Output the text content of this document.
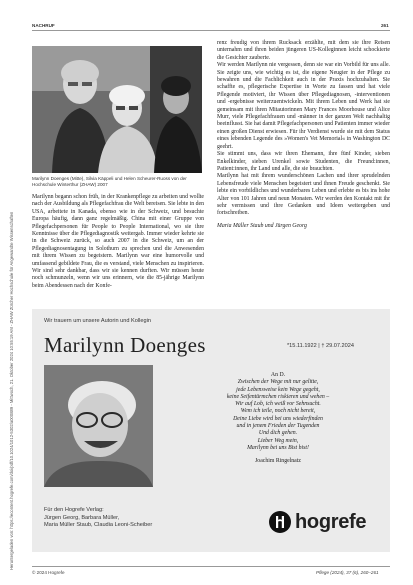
Heruntergeladen von: https://econtent.hogrefe.com/doi/pdf/10.1024/1012-5302/a000889 - Mittwoch, 21. Oktober 2024 10:55:19 AM - ZHAW Zürcher Hochschule für Angewandte Wissenschaften
NACHRUF	261
Marilynn Doenges (Mitte), Silvia Käppeli und Helen Scheurer-Ruoss von der Hochschule Winterthur (ZHAW) 2007

Marilynn begann schon früh, in der Krankenpflege zu arbeiten und wollte nach der Ausbildung als Pflegefachfrau die Welt bereisen. Sie lebte in den USA, arbeitete in Kanada, ebenso wie in der Schweiz, und besuchte Europa häufig, dann ganz regelmäßig. China mit einer Gruppe von Pflegefachpersonen für People to People International, wo sie ihre Kenntnisse über die Pflegediagnostik weitergab. Immer wieder kehrte sie in die Schweiz zurück, so auch 2007 in die Schweiz, um an der Pflegediagnosentagung in Solothurn zu sprechen und die Anwesenden mit ihrem Wissen zu begeistern. Marilynn war eine humorvolle und umfassend gebildete Frau, die es verstand, viele Menschen zu inspirieren. Wir sind sehr dankbar, dass wir sie kennen durften. Wir müssen heute noch schmunzeln, wenn wir uns erinnern, wie die 85-jährige Marilynn beim Abendessen nach der Konfe-

renz freudig von ihrem Rucksack erzählte, mit dem sie ihre Reisen unternahm und ihren beiden jüngeren US-Kolleginnen leicht schockierte die Gesichter zauberte.

Wir werden Marilynn nie vergessen, denn sie war ein Vorbild für uns alle. Sie zeigte uns, wie wichtig es ist, die eigene Neugier in der Pflege zu bewahren und die Fachlichkeit auch in der Praxis hochzuhalten. Sie schaffte es, pflegerische Expertise in Worte zu fassen und hat viele Pflegende motiviert, ihr Wissen über Pflegediagnosen, -interventionen und -ergebnisse weiterzuentwickeln. Mit ihrem Leben und Werk hat sie gemeinsam mit ihren Mitautorinnen Mary Frances Moorhouse und Alice Murr, viele Pflegefachfrauen und -männer in der ganzen Welt nachhaltig beeinflusst. Sie hat damit Pflegefachpersonen und Patienten immer wieder einen großen Dienst erwiesen. Für ihr Verdienst wurde sie mit dem Status eines lebenden Legende des »Women's Vet Memorial« in Washington DC geehrt.

Sie stimmt uns, dass wir ihren Ehemann, ihre fünf Kinder, sieben Enkelkinder, sieben Urenkel sowie Studenten, die Freund:innen, Patient:innen, ihr Land und alle, die sie brauchten.

Marilynn hat mit ihrem wunderschönen Lachen und ihrer sprudelnden Lebensfreude viele Menschen begeistert und ihnen Freude geschenkt. Sie lebte ein vorbildliches und wunderbares Leben und erlebte es bis ins hohe Alter von 101 Jahren und neun Monaten. Wir werden den Kontakt mit ihr sehr vermissen und ihre Gedanken und Ideen weitergeben und fortschreiben.

Maria Müller Staub und Jürgen Georg

Wir trauern um unsere Autorin und Kollegin
Marilynn Doenges	*15.11.1922 | † 29.07.2024
An D.
Zwischen der Wege mit nur gelitte,
jede Lebensweise kein Wege gegeht,
keine Seifentürmchen riskieren und wehen –
Wir auf Lob, ich weiß vor Sehnsucht.
Wem ich teile, noch nicht bereit,
Deine Liebe wird bei uns wiederfinden
und in jenem Frieden der Tugenden
Und dich gehen.
Lieber Weg mein,
Marilynn bei uns Bist bist!
Joachim Ringelnatz
Für den Hogrefe Verlag:
Jürgen Georg, Barbara Müller,
Maria Müller Staub, Claudia Leoni-Scheiber	hogrefe
© 2024 Hogrefe	Pflege (2024), 37 (6), 260–261
